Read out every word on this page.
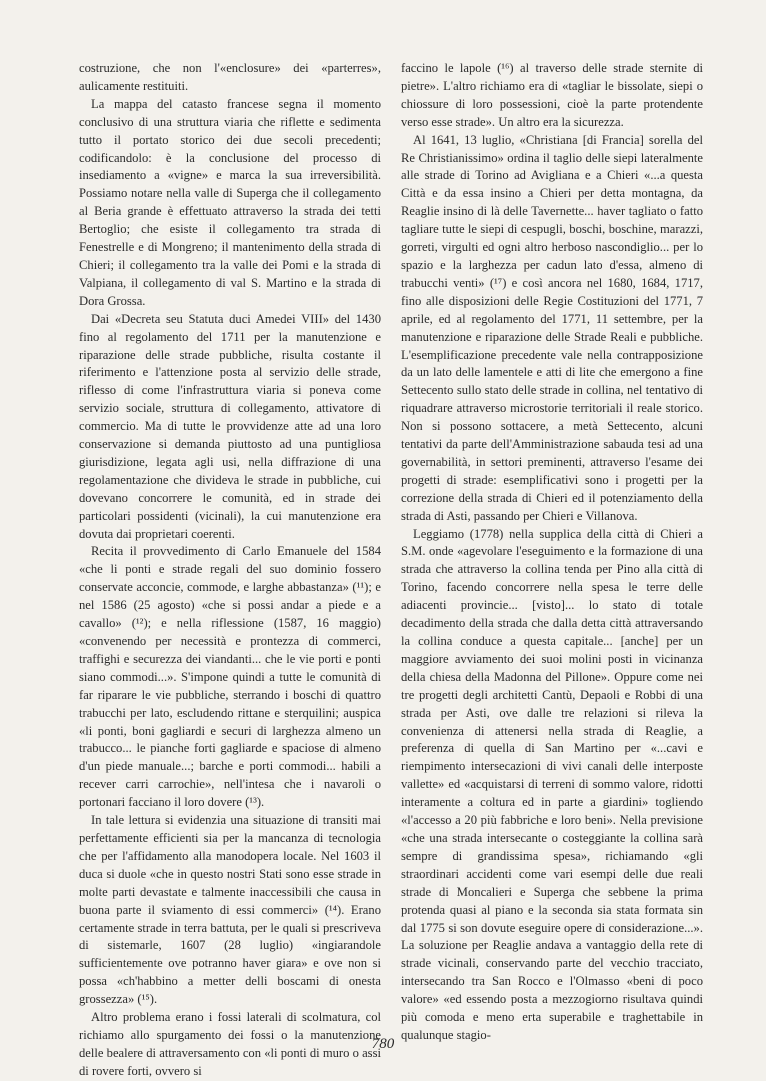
costruzione, che non l'«enclosure» dei «parterres», aulicamente restituiti.

La mappa del catasto francese segna il momento conclusivo di una struttura viaria che riflette e sedimenta tutto il portato storico dei due secoli precedenti; codificandolo: è la conclusione del processo di insediamento a «vigne» e marca la sua irreversibilità. Possiamo notare nella valle di Superga che il collegamento al Beria grande è effettuato attraverso la strada dei tetti Bertoglio; che esiste il collegamento tra strada di Fenestrelle e di Mongreno; il mantenimento della strada di Chieri; il collegamento tra la valle dei Pomi e la strada di Valpiana, il collegamento di val S. Martino e la strada di Dora Grossa.

Dai «Decreta seu Statuta duci Amedei VIII» del 1430 fino al regolamento del 1711 per la manutenzione e riparazione delle strade pubbliche, risulta costante il riferimento e l'attenzione posta al servizio delle strade, riflesso di come l'infrastruttura viaria si poneva come servizio sociale, struttura di collegamento, attivatore di commercio. Ma di tutte le provvidenze atte ad una loro conservazione si demanda piuttosto ad una puntigliosa giurisdizione, legata agli usi, nella diffrazione di una regolamentazione che divideva le strade in pubbliche, cui dovevano concorrere le comunità, ed in strade dei particolari possidenti (vicinali), la cui manutenzione era dovuta dai proprietari coerenti.

Recita il provvedimento di Carlo Emanuele del 1584 «che li ponti e strade regali del suo dominio fossero conservate acconcie, commode, e larghe abbastanza» (¹¹); e nel 1586 (25 agosto) «che si possi andar a piede e a cavallo» (¹²); e nella riflessione (1587, 16 maggio) «convenendo per necessità e prontezza di commerci, traffighi e securezza dei viandanti... che le vie porti e ponti siano commodi...». S'impone quindi a tutte le comunità di far riparare le vie pubbliche, sterrando i boschi di quattro trabucchi per lato, escludendo rittane e sterquilini; auspica «li ponti, boni gagliardi e securi di larghezza almeno un trabucco... le pianche forti gagliarde e spaciose di almeno d'un piede manuale...; barche e porti commodi... habili a recever carri carrochie», nell'intesa che i navaroli o portonari facciano il loro dovere (¹³).

In tale lettura si evidenzia una situazione di transiti mai perfettamente efficienti sia per la mancanza di tecnologia che per l'affidamento alla manodopera locale. Nel 1603 il duca si duole «che in questo nostri Stati sono esse strade in molte parti devastate e talmente inaccessibili che causa in buona parte il sviamento di essi commerci» (¹⁴). Erano certamente strade in terra battuta, per le quali si prescriveva di sistemarle, 1607 (28 luglio) «ingiarandole sufficientemente ove potranno haver giara» e ove non si possa «ch'habbino a metter delli boscami di onesta grossezza» (¹⁵).

Altro problema erano i fossi laterali di scolmatura, col richiamo allo spurgamento dei fossi o la manutenzione delle bealere di attraversamento con «li ponti di muro o assi di rovere forti, ovvero si

faccino le lapole (¹⁶) al traverso delle strade sternite di pietre». L'altro richiamo era di «tagliar le bissolate, siepi o chiossure di loro possessioni, cioè la parte protendente verso esse strade». Un altro era la sicurezza.

Al 1641, 13 luglio, «Christiana [di Francia] sorella del Re Christianissimo» ordina il taglio delle siepi lateralmente alle strade di Torino ad Avigliana e a Chieri «...a questa Città e da essa insino a Chieri per detta montagna, da Reaglie insino di là delle Tavernette... haver tagliato o fatto tagliare tutte le siepi di cespugli, boschi, boschine, marazzi, gorreti, virgulti ed ogni altro herboso nascondiglio... per lo spazio e la larghezza per cadun lato d'essa, almeno di trabucchi venti» (¹⁷) e così ancora nel 1680, 1684, 1717, fino alle disposizioni delle Regie Costituzioni del 1771, 7 aprile, ed al regolamento del 1771, 11 settembre, per la manutenzione e riparazione delle Strade Reali e pubbliche. L'esemplificazione precedente vale nella contrapposizione da un lato delle lamentele e atti di lite che emergono a fine Settecento sullo stato delle strade in collina, nel tentativo di riquadrare attraverso microstorie territoriali il reale storico. Non si possono sottacere, a metà Settecento, alcuni tentativi da parte dell'Amministrazione sabauda tesi ad una governabilità, in settori preminenti, attraverso l'esame dei progetti di strade: esemplificativi sono i progetti per la correzione della strada di Chieri ed il potenziamento della strada di Asti, passando per Chieri e Villanova.

Leggiamo (1778) nella supplica della città di Chieri a S.M. onde «agevolare l'eseguimento e la formazione di una strada che attraverso la collina tenda per Pino alla città di Torino, facendo concorrere nella spesa le terre delle adiacenti provincie... [visto]... lo stato di totale decadimento della strada che dalla detta città attraversando la collina conduce a questa capitale... [anche] per un maggiore avviamento dei suoi molini posti in vicinanza della chiesa della Madonna del Pillone». Oppure come nei tre progetti degli architetti Cantù, Depaoli e Robbi di una strada per Asti, ove dalle tre relazioni si rileva la convenienza di attenersi nella strada di Reaglie, a preferenza di quella di San Martino per «...cavi e riempimento intersecazioni di vivi canali delle interposte vallette» ed «acquistarsi di terreni di sommo valore, ridotti interamente a coltura ed in parte a giardini» togliendo «l'accesso a 20 più fabbriche e loro beni». Nella previsione «che una strada intersecante o costeggiante la collina sarà sempre di grandissima spesa», richiamando «gli straordinari accidenti come vari esempi delle due reali strade di Moncalieri e Superga che sebbene la prima protenda quasi al piano e la seconda sia stata formata sin dal 1775 si son dovute eseguire opere di considerazione...». La soluzione per Reaglie andava a vantaggio della rete di strade vicinali, conservando parte del vecchio tracciato, intersecando tra San Rocco e l'Olmasso «beni di poco valore» «ed essendo posta a mezzogiorno risultava quindi più comoda e meno erta superabile e traghettabile in qualunque stagio-

780
